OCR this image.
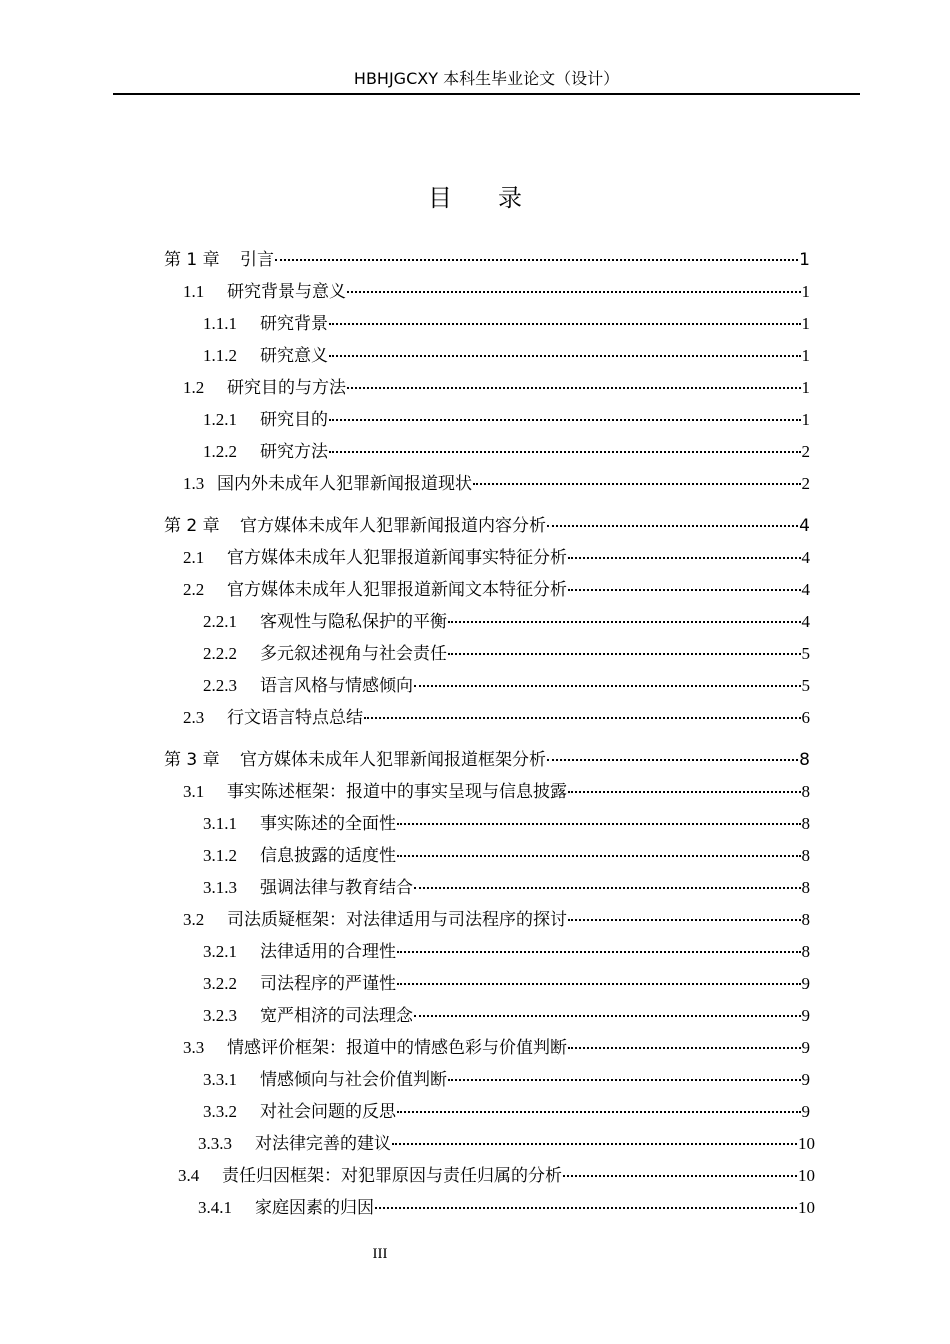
HBHJGCXY 本科生毕业论文（设计）
目录
第 1 章	引言	1
1.1	研究背景与意义	1
1.1.1	研究背景	1
1.1.2	研究意义	1
1.2	研究目的与方法	1
1.2.1	研究目的	1
1.2.2	研究方法	2
1.3 国内外未成年人犯罪新闻报道现状	2
第 2 章	官方媒体未成年人犯罪新闻报道内容分析	4
2.1	官方媒体未成年人犯罪报道新闻事实特征分析	4
2.2	官方媒体未成年人犯罪报道新闻文本特征分析	4
2.2.1	客观性与隐私保护的平衡	4
2.2.2	多元叙述视角与社会责任	5
2.2.3	语言风格与情感倾向	5
2.3	行文语言特点总结	6
第 3 章	官方媒体未成年人犯罪新闻报道框架分析	8
3.1	事实陈述框架：报道中的事实呈现与信息披露	8
3.1.1	事实陈述的全面性	8
3.1.2	信息披露的适度性	8
3.1.3	强调法律与教育结合	8
3.2	司法质疑框架：对法律适用与司法程序的探讨	8
3.2.1	法律适用的合理性	8
3.2.2	司法程序的严谨性	9
3.2.3	宽严相济的司法理念	9
3.3	情感评价框架：报道中的情感色彩与价值判断	9
3.3.1	情感倾向与社会价值判断	9
3.3.2	对社会问题的反思	9
3.3.3	对法律完善的建议	10
3.4	责任归因框架：对犯罪原因与责任归属的分析	10
3.4.1	家庭因素的归因	10
III
